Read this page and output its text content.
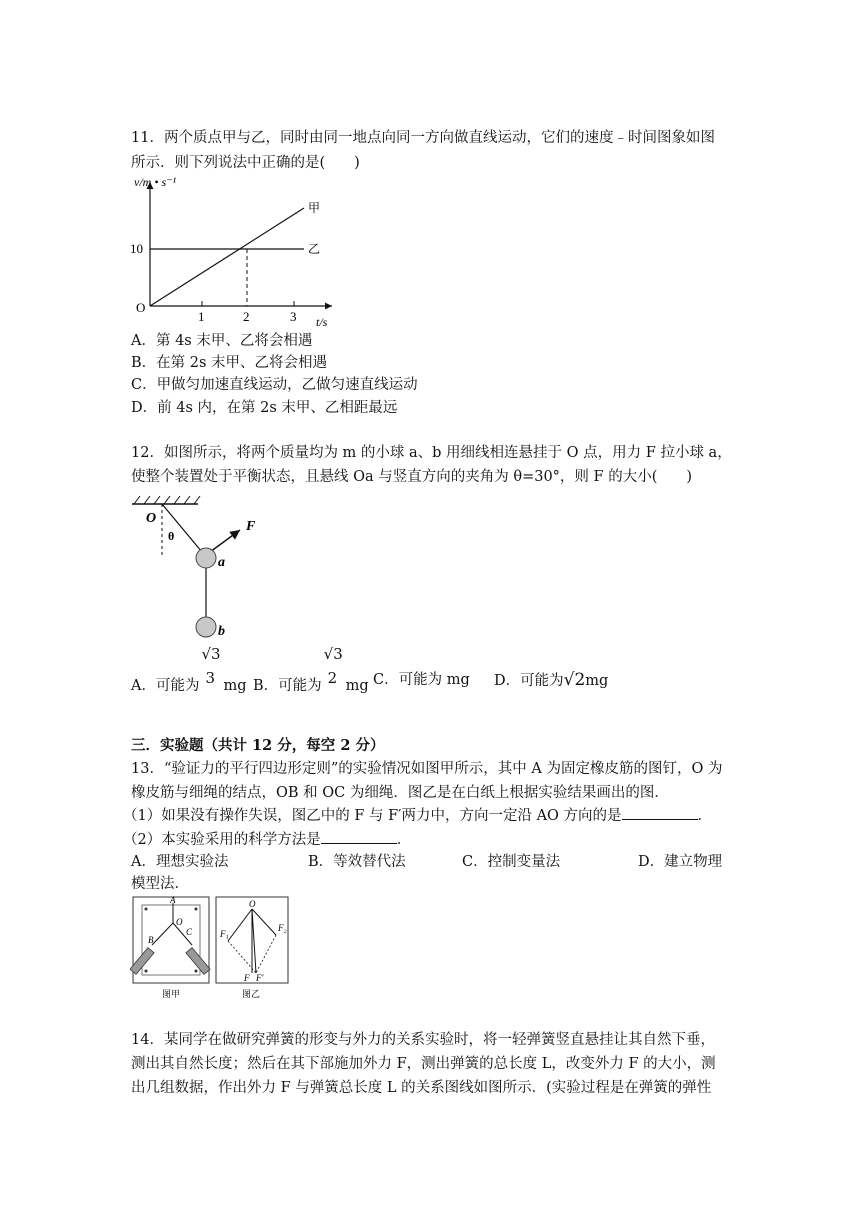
11．两个质点甲与乙，同时由同一地点向同一方向做直线运动，它们的速度﹣时间图象如图
所示．则下列说法中正确的是(　　)
v/m • s⁻¹
t/s
O
10
1	2	3
甲
乙
A．第 4s 末甲、乙将会相遇
B．在第 2s 末甲、乙将会相遇
C．甲做匀加速直线运动，乙做匀速直线运动
D．前 4s 内，在第 2s 末甲、乙相距最远
12．如图所示，将两个质量均为 m 的小球 a、b 用细线相连悬挂于 O 点，用力 F 拉小球 a，
使整个装置处于平衡状态，且悬线 Oa 与竖直方向的夹角为 θ=30°，则 F 的大小(　　)
O
θ
F
a
b
A．可能为
√3
3 mg B．可能为
√3
2 mg C．可能为 mg D．可能为√2mg
三．实验题（共计 12 分，每空 2 分）
13．“验证力的平行四边形定则”的实验情况如图甲所示，其中 A 为固定橡皮筋的图钉，O 为
橡皮筋与细绳的结点，OB 和 OC 为细绳．图乙是在白纸上根据实验结果画出的图．
（1）如果没有操作失误，图乙中的 F 与 F′两力中，方向一定沿 AO 方向的是	．
（2）本实验采用的科学方法是	．
A．理想实验法	B．等效替代法	C．控制变量法	D．建立物理
模型法．
A
O
B
C
图甲
O
F₁
F₂
F F′
图乙
14．某同学在做研究弹簧的形变与外力的关系实验时，将一轻弹簧竖直悬挂让其自然下垂，
测出其自然长度；然后在其下部施加外力 F，测出弹簧的总长度 L，改变外力 F 的大小，测
出几组数据，作出外力 F 与弹簧总长度 L 的关系图线如图所示．(实验过程是在弹簧的弹性
